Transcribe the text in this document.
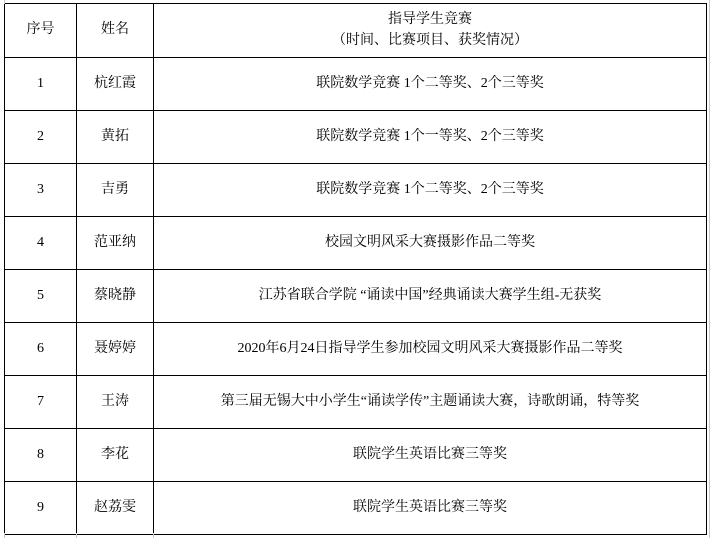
序号	姓名	指导学生竞赛
（时间、比赛项目、获奖情况）

1	杭红霞	联院数学竞赛 1个二等奖、2个三等奖
2	黄拓	联院数学竞赛 1个一等奖、2个三等奖
3	吉勇	联院数学竞赛 1个二等奖、2个三等奖
4	范亚纳	校园文明风采大赛摄影作品二等奖
5	蔡晓静	江苏省联合学院 “诵读中国”经典诵读大赛学生组-无获奖
6	聂婷婷	2020年6月24日指导学生参加校园文明风采大赛摄影作品二等奖
7	王涛	第三届无锡大中小学生“诵读学传”主题诵读大赛，诗歌朗诵，特等奖
8	李花	联院学生英语比赛三等奖
9	赵荔雯	联院学生英语比赛三等奖
